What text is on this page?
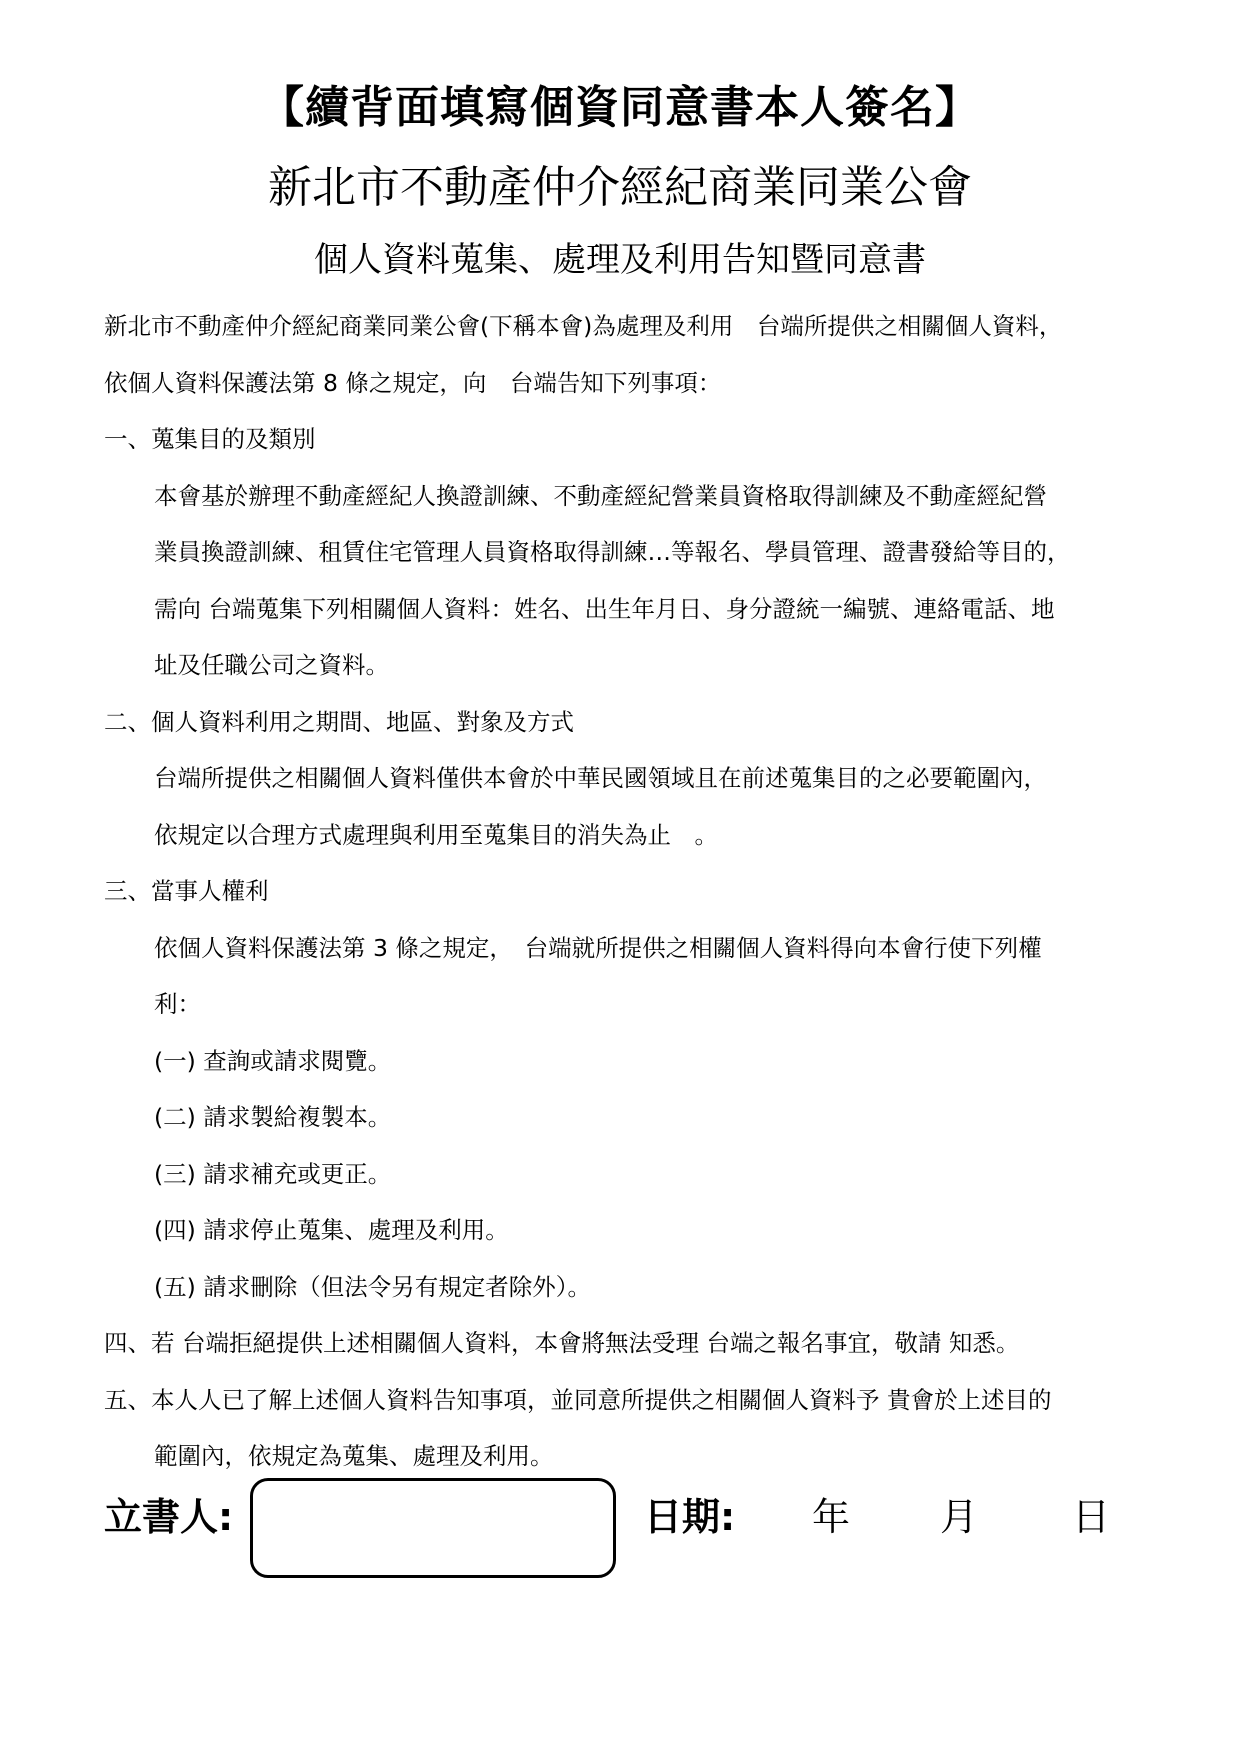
【續背面填寫個資同意書本人簽名】
新北市不動產仲介經紀商業同業公會
個人資料蒐集、處理及利用告知暨同意書
新北市不動產仲介經紀商業同業公會(下稱本會)為處理及利用　台端所提供之相關個人資料，
依個人資料保護法第 8 條之規定，向　台端告知下列事項：
一、蒐集目的及類別
本會基於辦理不動產經紀人換證訓練、不動產經紀營業員資格取得訓練及不動產經紀營
業員換證訓練、租賃住宅管理人員資格取得訓練…等報名、學員管理、證書發給等目的，
需向 台端蒐集下列相關個人資料：姓名、出生年月日、身分證統一編號、連絡電話、地
址及任職公司之資料。
二、個人資料利用之期間、地區、對象及方式
台端所提供之相關個人資料僅供本會於中華民國領域且在前述蒐集目的之必要範圍內，
依規定以合理方式處理與利用至蒐集目的消失為止　。
三、當事人權利
依個人資料保護法第 3 條之規定，　台端就所提供之相關個人資料得向本會行使下列權
利：
(一) 查詢或請求閱覽。
(二) 請求製給複製本。
(三) 請求補充或更正。
(四) 請求停止蒐集、處理及利用。
(五) 請求刪除（但法令另有規定者除外）。
四、若 台端拒絕提供上述相關個人資料，本會將無法受理 台端之報名事宜，敬請 知悉。
五、本人人已了解上述個人資料告知事項，並同意所提供之相關個人資料予 貴會於上述目的
範圍內，依規定為蒐集、處理及利用。
立書人:	日期: 年 月 日
